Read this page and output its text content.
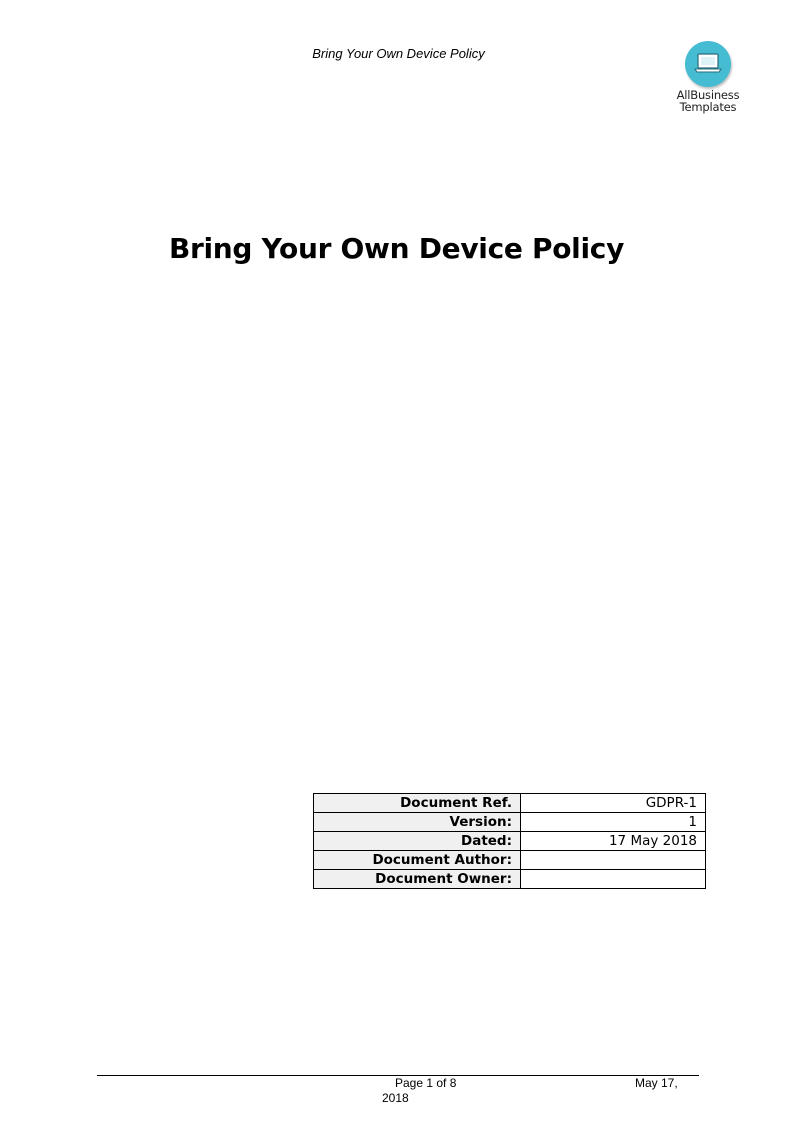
Bring Your Own Device Policy
AllBusiness
Templates
Bring Your Own Device Policy
Document Ref.	GDPR-1
Version:	1
Dated:	17 May 2018
Document Author:	
Document Owner:	
Page 1 of 8	May 17,
2018
